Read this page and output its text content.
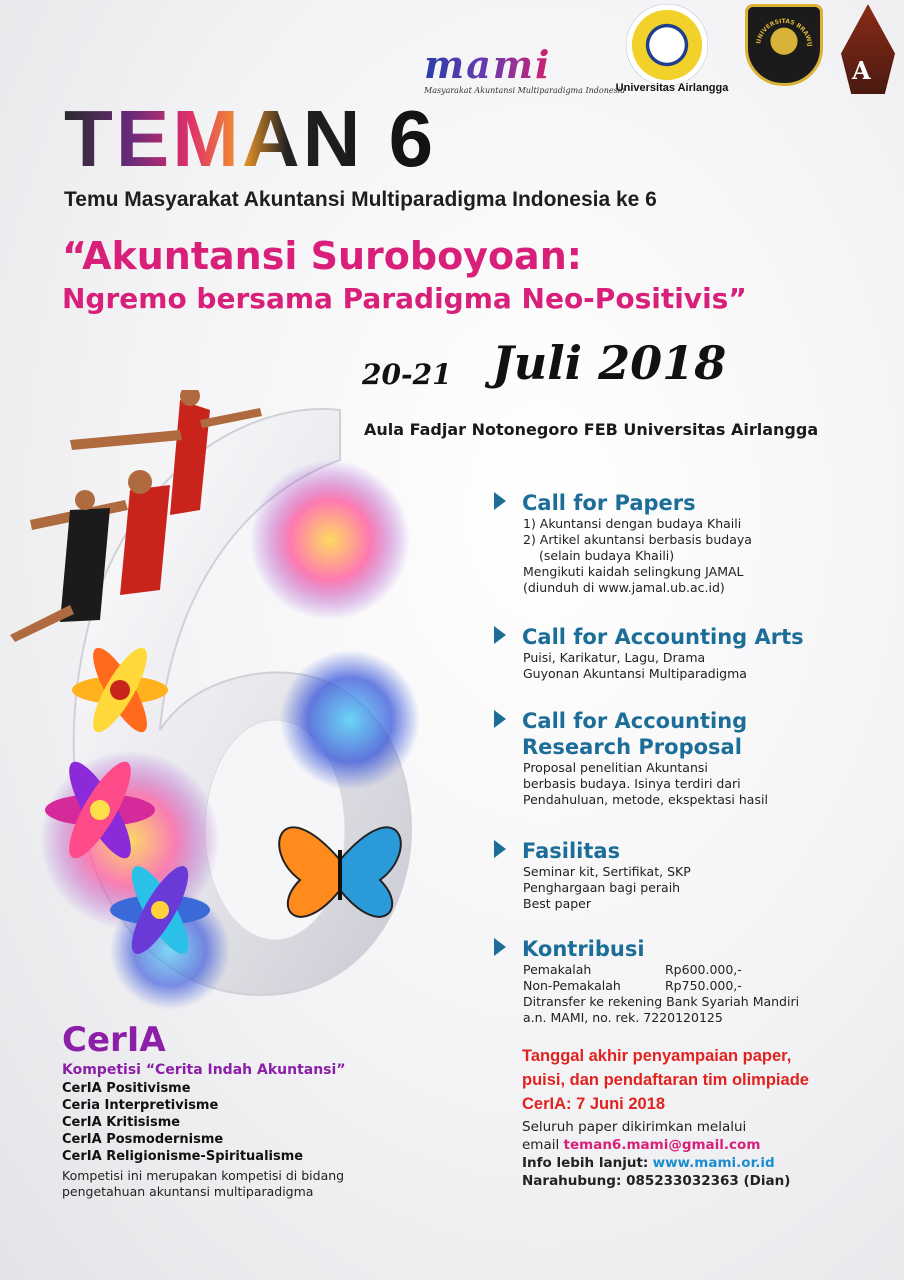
mami
Masyarakat Akuntansi Multiparadigma Indonesia
Universitas Airlangga
UNIVERSITAS BRAWIJ
A
TEMAN 6
Temu Masyarakat Akuntansi Multiparadigma Indonesia ke 6
“Akuntansi Suroboyoan:
Ngremo bersama Paradigma Neo-Positivis”
20-21 Juli 2018
Aula Fadjar Notonegoro FEB Universitas Airlangga
Call for Papers
1) Akuntansi dengan budaya Khaili
2) Artikel akuntansi berbasis budaya
(selain budaya Khaili)
Mengikuti kaidah selingkung JAMAL
(diunduh di www.jamal.ub.ac.id)
Call for Accounting Arts
Puisi, Karikatur, Lagu, Drama
Guyonan Akuntansi Multiparadigma
Call for Accounting
Research Proposal
Proposal penelitian Akuntansi
berbasis budaya. Isinya terdiri dari
Pendahuluan, metode, ekspektasi hasil
Fasilitas
Seminar kit, Sertifikat, SKP
Penghargaan bagi peraih
Best paper
Kontribusi
Pemakalah	Rp600.000,-
Non-Pemakalah	Rp750.000,-
Ditransfer ke rekening Bank Syariah Mandiri
a.n. MAMI, no. rek. 7220120125
CerIA
Kompetisi “Cerita Indah Akuntansi”
CerIA Positivisme
Ceria Interpretivisme
CerIA Kritisisme
CerIA Posmodernisme
CerIA Religionisme-Spiritualisme
Kompetisi ini merupakan kompetisi di bidang
pengetahuan akuntansi multiparadigma
Tanggal akhir penyampaian paper,
puisi, dan pendaftaran tim olimpiade
CerIA: 7 Juni 2018
Seluruh paper dikirimkan melalui
email teman6.mami@gmail.com
Info lebih lanjut: www.mami.or.id
Narahubung: 085233032363 (Dian)
